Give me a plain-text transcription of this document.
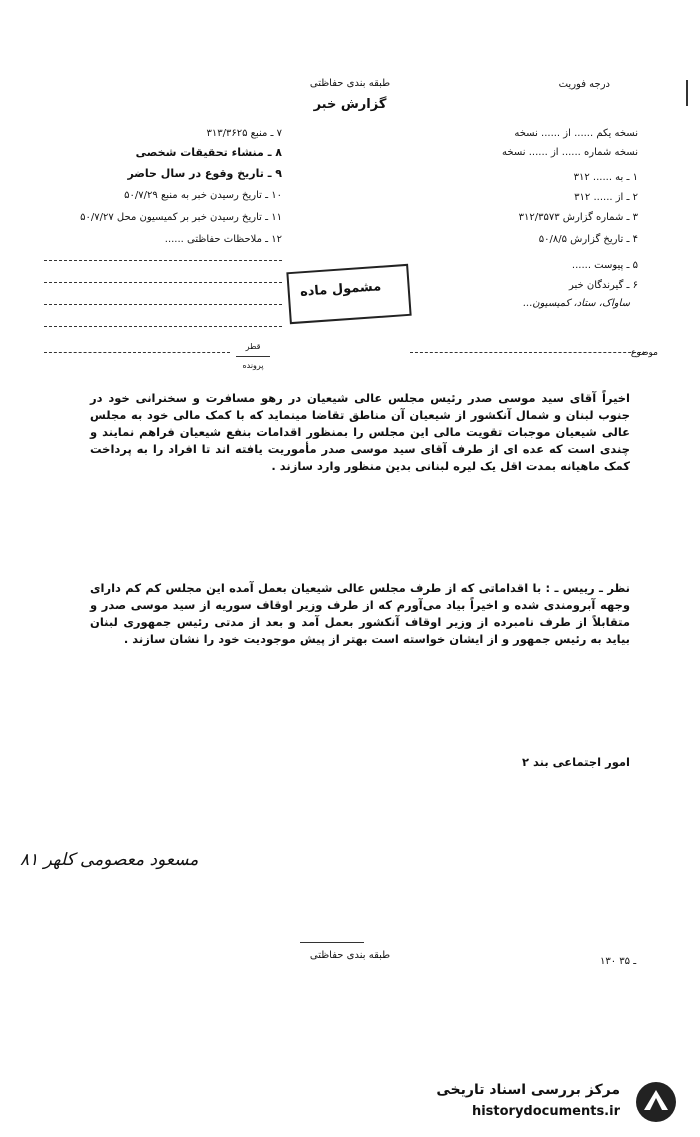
طبقه بندی حفاظتی
گزارش خبر
درجه فوریت
نسخه یکم ...... از ...... نسخه
نسخه شماره ...... از ...... نسخه
۱ ـ به ...... ۳۱۲
۲ ـ از ...... ۳۱۲
۳ ـ شماره گزارش ۳۱۲/۳۵۷۳
۴ ـ تاریخ گزارش ۵۰/۸/۵
۵ ـ پیوست ......
۶ ـ گیرندگان خبر
۷ ـ منبع ۳۱۳/۳۶۲۵
۸ ـ منشاء تحقیقات شخصی
۹ ـ تاریخ وقوع در سال حاضر
۱۰ ـ تاریخ رسیدن خبر به منبع ۵۰/۷/۲۹
۱۱ ـ تاریخ رسیدن خبر بر کمیسیون محل ۵۰/۷/۲۷
۱۲ ـ ملاحظات حفاظتی ......
مشمول ماده
ساواک، ستاد، کمیسیون...
قطر
پرونده
موضوع
اخیراً آقای سید موسی صدر رئیس مجلس عالی شیعیان در رهو مسافرت و سخنرانی خود در جنوب لبنان و شمال آنکشور از شیعیان آن مناطق تقاضا مینماید که با کمک مالی خود به مجلس عالی شیعیان موجبات تقویت مالی این مجلس را بمنظور اقدامات بنفع شیعیان فراهم نمایند و چندی است که عده ای از طرف آقای سید موسی صدر مأموریت یافته اند تا افراد را به پرداخت کمک ماهیانه بمدت اقل یک لیره لبنانی بدین منظور وارد سازند .
نظر ـ رییس ـ : با اقداماتی که از طرف مجلس عالی شیعیان بعمل آمده این مجلس کم کم دارای وجهه آبرومندی شده و اخیراً بیاد می‌آورم که از طرف وزیر اوقاف سوریه از سید موسی صدر و متقابلاً از طرف نامبرده از وزیر اوقاف آنکشور بعمل آمد و بعد از مدتی رئیس جمهوری لبنان بیاید به رئیس جمهور و از ایشان خواسته است بهتر از پیش موجودیت خود را نشان سازند .
امور اجتماعی بند ۲
مسعود معصومی کلهر ۸۱
طبقه بندی حفاظتی
۱۳۰ ـ ۳۵
مرکز بررسی اسناد تاریخی
historydocuments.ir
